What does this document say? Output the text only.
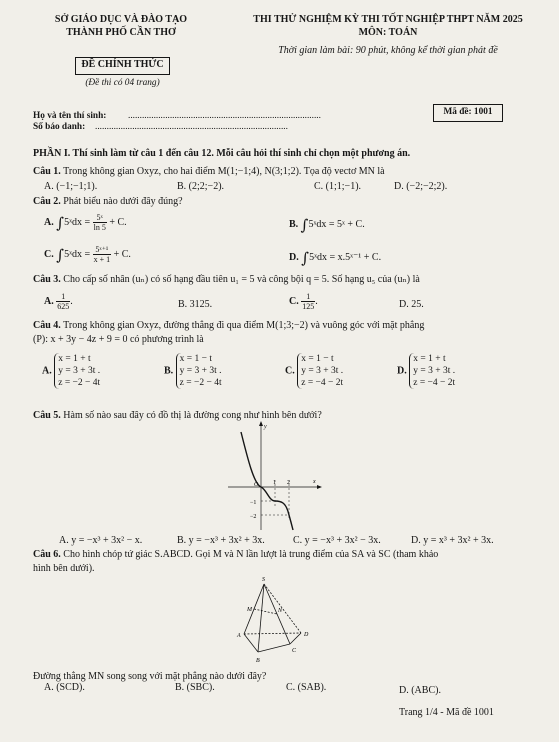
SỞ GIÁO DỤC VÀ ĐÀO TẠO
THÀNH PHỐ CẦN THƠ
ĐỀ CHÍNH THỨC
(Đề thi có 04 trang)
THI THỬ NGHIỆM KỲ THI TỐT NGHIỆP THPT NĂM 2025
MÔN: TOÁN
Thời gian làm bài: 90 phút, không kể thời gian phát đề
Họ và tên thí sinh: ...................................................................................
Số báo danh: ...................................................................................
Mã đề: 1001
PHẦN I. Thí sinh làm từ câu 1 đến câu 12. Mỗi câu hỏi thí sinh chỉ chọn một phương án.
Câu 1. Trong không gian Oxyz, cho hai điểm M(1;−1;4), N(3;1;2). Tọa độ vectơ MN là
A. (−1;−1;1).	B. (2;2;−2).	C. (1;1;−1).	D. (−2;−2;2).
Câu 2. Phát biểu nào dưới đây đúng?
A. ∫5ˣdx = $\frac{\text{5ˣ}}{\ln 5} + C$.	B. ∫5ˣdx = 5ˣ + C.
C. ∫5ˣdx = $\frac{\text{5ˣ⁺¹}}{x + 1} + C$.	D. ∫5ˣdx = x.5ˣ⁻¹ + C.
Câu 3. Cho cấp số nhân (uₙ) có số hạng đầu tiên u₁ = 5 và công bội q = 5. Số hạng u₅ của (uₙ) là
A. $\frac{1}{625}$ .	B. 3125.	C. $\frac{1}{125}$ .	D. 25.
Câu 4. Trong không gian Oxyz, đường thẳng đi qua điểm M(1;3;−2) và vuông góc với mặt phẳng
(P): x + 3y − 4z + 9 = 0 có phương trình là
A. x = 1 + t
y = 3 + 3t .
z = −2 − 4t
B. x = 1 − t
y = 3 + 3t .
z = −2 − 4t
C. x = 1 − t
y = 3 + 3t .
z = −4 − 2t
D. x = 1 + t
y = 3 + 3t .
z = −4 − 2t
Câu 5. Hàm số nào sau đây có đồ thị là đường cong như hình bên dưới?
y
x
O 1 2
−1
−2
A. y = −x³ + 3x² − x.	B. y = −x³ + 3x² + 3x.	C. y = −x³ + 3x² − 3x.	D. y = x³ + 3x² + 3x.
Câu 6. Cho hình chóp tứ giác S.ABCD. Gọi M và N lần lượt là trung điểm của SA và SC (tham khảo
hình bên dưới).
S
M	N
A
B
C
D
Đường thẳng MN song song với mặt phẳng nào dưới đây?
A. (SCD).	B. (SBC).	C. (SAB).	D. (ABC).
Trang 1/4 - Mã đề 1001
